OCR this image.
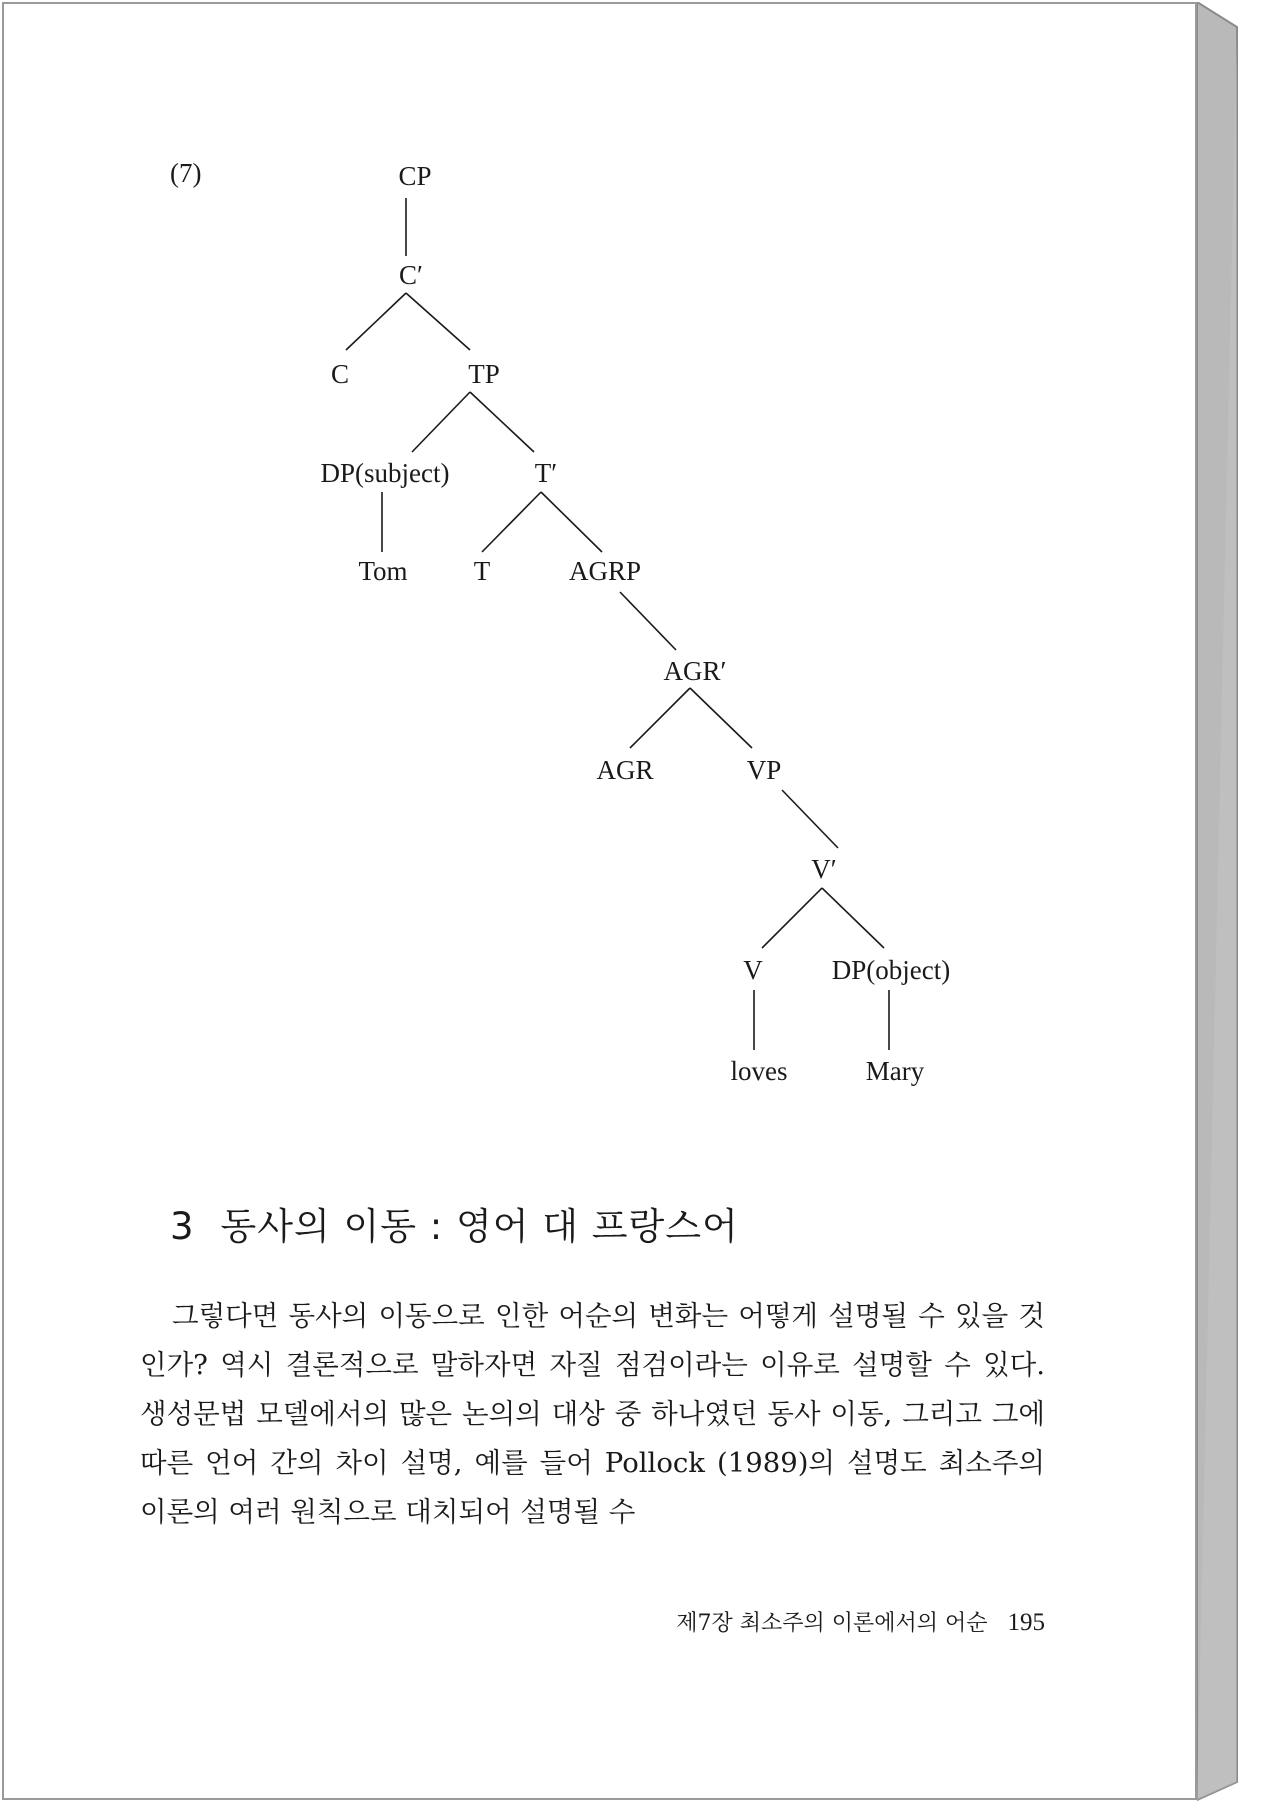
(7)	CP
C′
C	TP
DP(subject)	T′
Tom T	AGRP
AGR′
AGR	VP
V′
V	DP(object)
loves	Mary
3 동사의 이동 : 영어 대 프랑스어

그렇다면 동사의 이동으로 인한 어순의 변화는 어떻게 설명될 수 있을 것인가? 역시 결론적으로 말하자면 자질 점검이라는 이유로 설명할 수 있다. 생성문법 모델에서의 많은 논의의 대상 중 하나였던 동사 이동, 그리고 그에 따른 언어 간의 차이 설명, 예를 들어 Pollock (1989)의 설명도 최소주의 이론의 여러 원칙으로 대치되어 설명될 수

제7장 최소주의 이론에서의 어순 195
